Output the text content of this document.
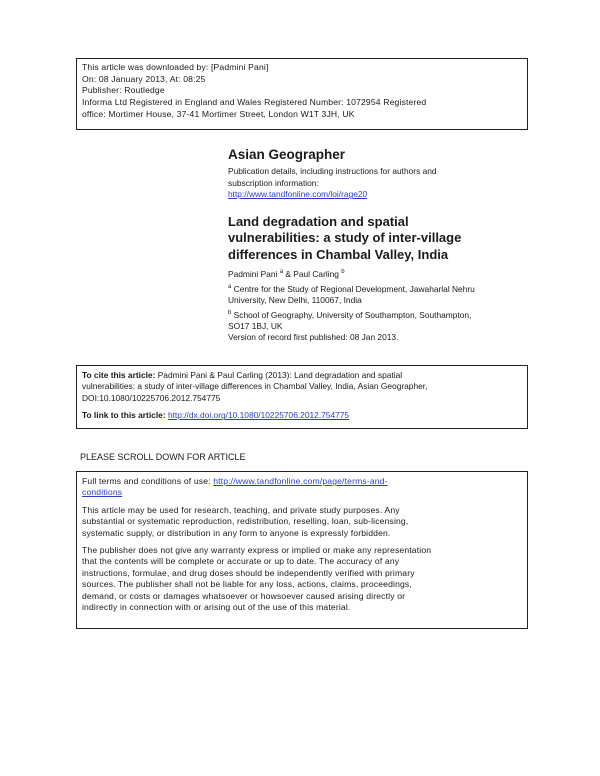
This article was downloaded by: [Padmini Pani]
On: 08 January 2013, At: 08:25
Publisher: Routledge
Informa Ltd Registered in England and Wales Registered Number: 1072954 Registered
office: Mortimer House, 37-41 Mortimer Street, London W1T 3JH, UK
Asian Geographer
Publication details, including instructions for authors and
subscription information:
http://www.tandfonline.com/loi/rage20
Land degradation and spatial
vulnerabilities: a study of inter-village
differences in Chambal Valley, India
Padmini Pani $^a$ & Paul Carling $^b$
$^a$ Centre for the Study of Regional Development, Jawaharlal Nehru
University, New Delhi, 110067, India
$^b$ School of Geography, University of Southampton, Southampton,
SO17 1BJ, UK
Version of record first published: 08 Jan 2013.
To cite this article: Padmini Pani & Paul Carling (2013): Land degradation and spatial
vulnerabilities: a study of inter-village differences in Chambal Valley, India, Asian Geographer,
DOI:10.1080/10225706.2012.754775
To link to this article: http://dx.doi.org/10.1080/10225706.2012.754775
PLEASE SCROLL DOWN FOR ARTICLE

Full terms and conditions of use: http://www.tandfonline.com/page/terms-and-
conditions

This article may be used for research, teaching, and private study purposes. Any
substantial or systematic reproduction, redistribution, reselling, loan, sub-licensing,
systematic supply, or distribution in any form to anyone is expressly forbidden.

The publisher does not give any warranty express or implied or make any representation
that the contents will be complete or accurate or up to date. The accuracy of any
instructions, formulae, and drug doses should be independently verified with primary
sources. The publisher shall not be liable for any loss, actions, claims, proceedings,
demand, or costs or damages whatsoever or howsoever caused arising directly or
indirectly in connection with or arising out of the use of this material.
